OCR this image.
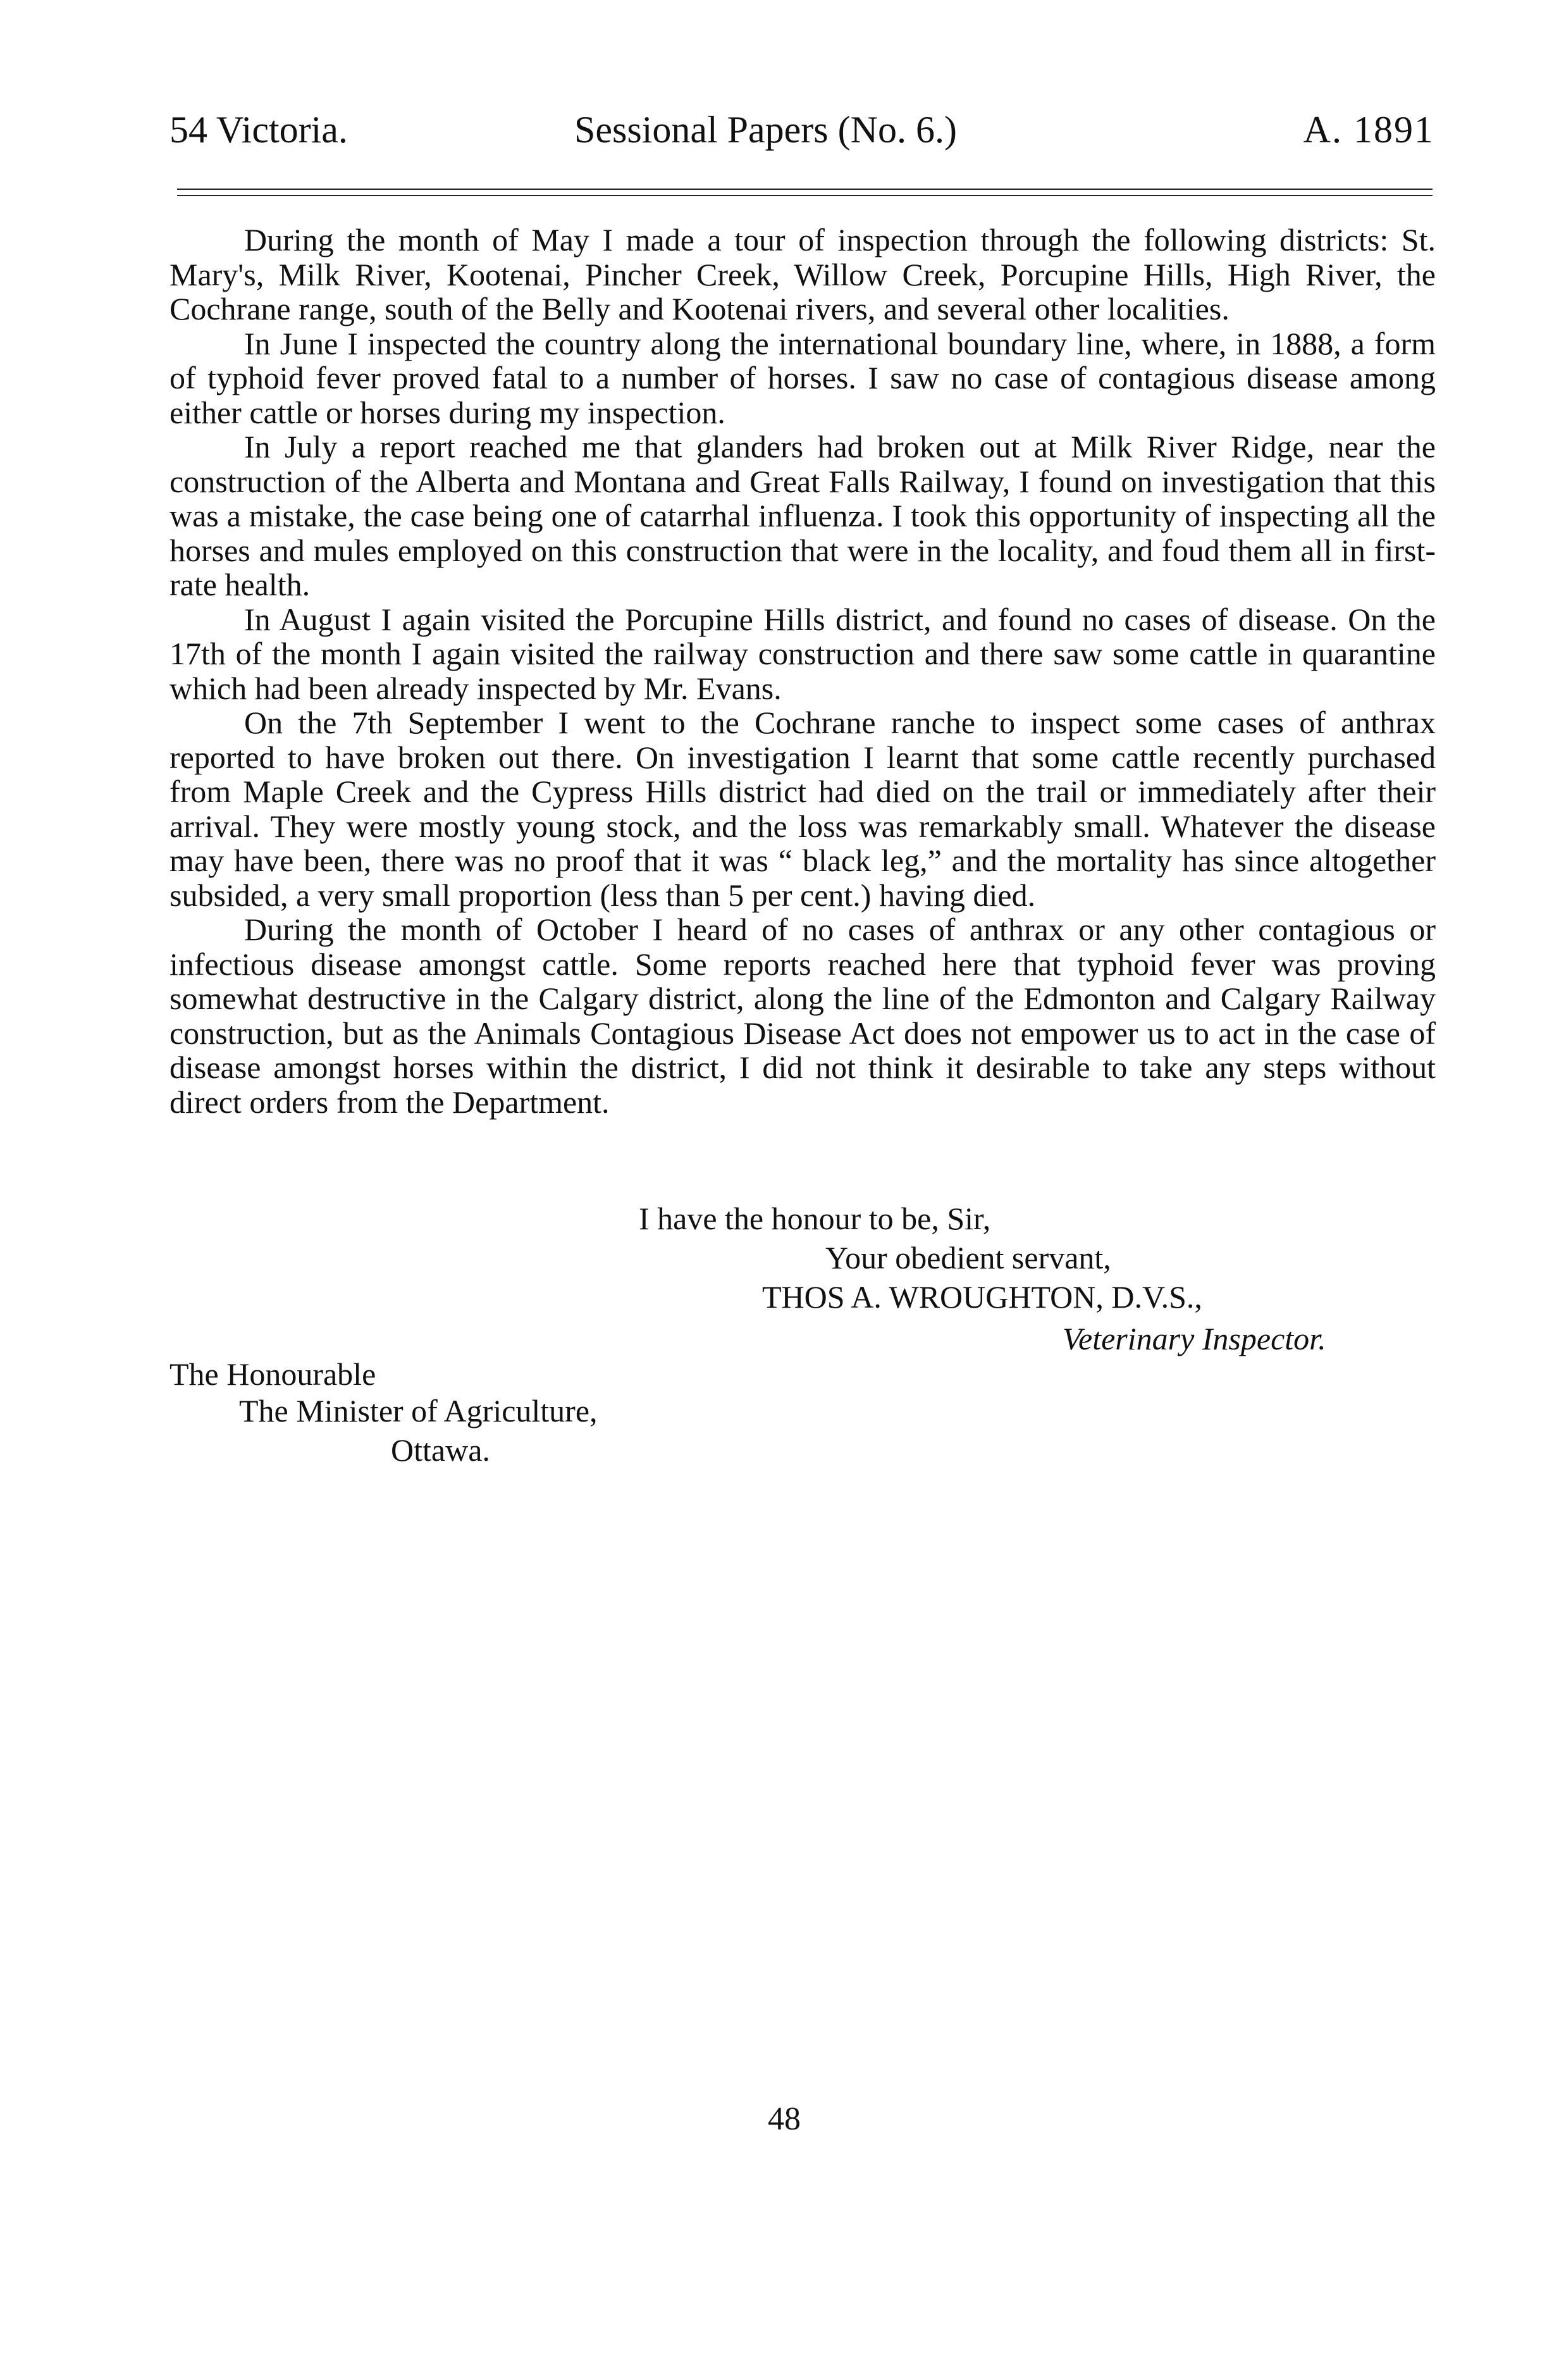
54 Victoria.	Sessional Papers (No. 6.)	A. 1891

During the month of May I made a tour of inspection through the following districts: St. Mary's, Milk River, Kootenai, Pincher Creek, Willow Creek, Porcupine Hills, High River, the Cochrane range, south of the Belly and Kootenai rivers, and several other localities.

In June I inspected the country along the international boundary line, where, in 1888, a form of typhoid fever proved fatal to a number of horses. I saw no case of contagious disease among either cattle or horses during my inspection.

In July a report reached me that glanders had broken out at Milk River Ridge, near the construction of the Alberta and Montana and Great Falls Railway, I found on investigation that this was a mistake, the case being one of catarrhal influenza. I took this opportunity of inspecting all the horses and mules employed on this construction that were in the locality, and foud them all in first-rate health.

In August I again visited the Porcupine Hills district, and found no cases of disease. On the 17th of the month I again visited the railway construction and there saw some cattle in quarantine which had been already inspected by Mr. Evans.

On the 7th September I went to the Cochrane ranche to inspect some cases of anthrax reported to have broken out there. On investigation I learnt that some cattle recently purchased from Maple Creek and the Cypress Hills district had died on the trail or immediately after their arrival. They were mostly young stock, and the loss was remarkably small. Whatever the disease may have been, there was no proof that it was “ black leg,” and the mortality has since altogether subsided, a very small proportion (less than 5 per cent.) having died.

During the month of October I heard of no cases of anthrax or any other contagious or infectious disease amongst cattle. Some reports reached here that typhoid fever was proving somewhat destructive in the Calgary district, along the line of the Edmonton and Calgary Railway construction, but as the Animals Contagious Disease Act does not empower us to act in the case of disease amongst horses within the district, I did not think it desirable to take any steps without direct orders from the Department.

I have the honour to be, Sir,
Your obedient servant,
THOS A. WROUGHTON, D.V.S.,
Veterinary Inspector.
The Honourable
The Minister of Agriculture,
Ottawa.
48
